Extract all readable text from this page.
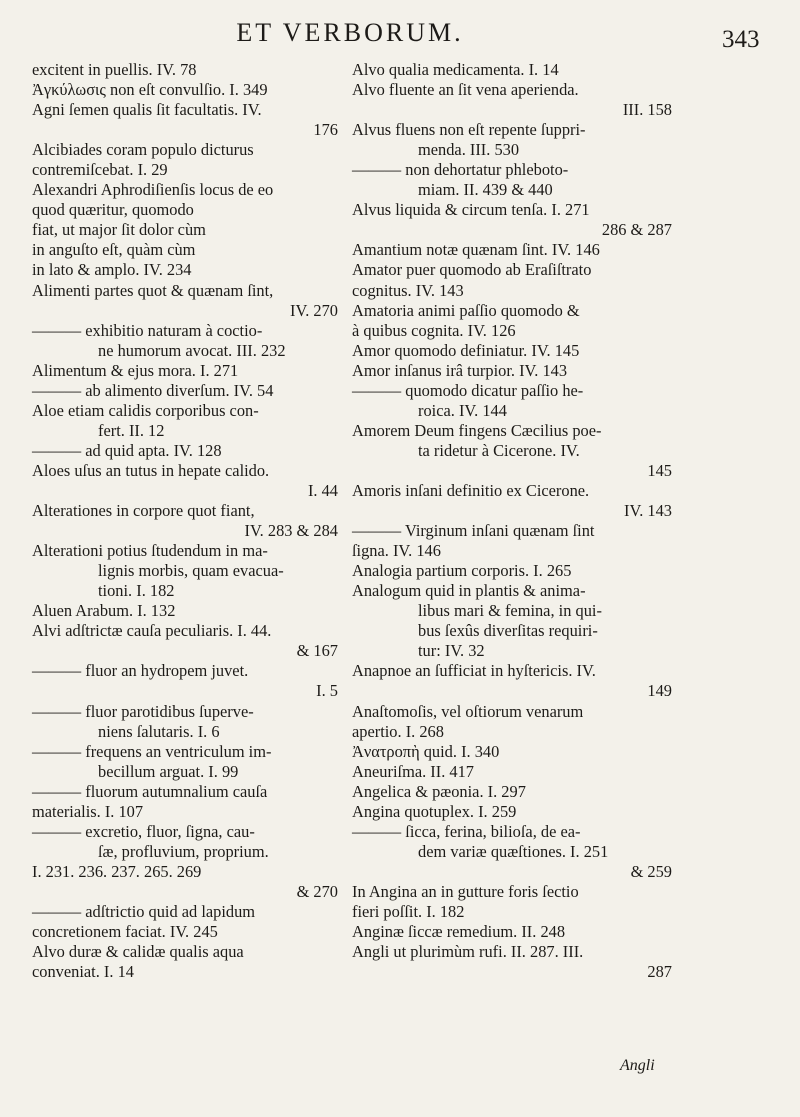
ET VERBORUM.	343
excitent in puellis. IV. 78
Ἀγκύλωσις non eſt convulſio. I. 349
Agni ſemen qualis ſit facultatis. IV.
176
Alcibiades coram populo dicturus
contremiſcebat. I. 29
Alexandri Aphrodiſienſis locus de eo
quod quæritur, quomodo
fiat, ut major ſit dolor cùm
in anguſto eſt, quàm cùm
in lato & amplo. IV. 234
Alimenti partes quot & quænam ſint,
IV. 270
——— exhibitio naturam à coctio-
ne humorum avocat. III. 232
Alimentum & ejus mora. I. 271
——— ab alimento diverſum. IV. 54
Aloe etiam calidis corporibus con-
fert. II. 12
——— ad quid apta. IV. 128
Aloes uſus an tutus in hepate calido.
I. 44
Alterationes in corpore quot fiant,
IV. 283 & 284
Alterationi potius ſtudendum in ma-
lignis morbis, quam evacua-
tioni. I. 182
Aluen Arabum. I. 132
Alvi adſtrictæ cauſa peculiaris. I. 44.
& 167
——— fluor an hydropem juvet.
I. 5
——— fluor parotidibus ſuperve-
niens ſalutaris. I. 6
——— frequens an ventriculum im-
becillum arguat. I. 99
——— fluorum autumnalium cauſa
materialis. I. 107
——— excretio, fluor, ſigna, cau-
ſæ, profluvium, proprium.
I. 231. 236. 237. 265. 269
& 270
——— adſtrictio quid ad lapidum
concretionem faciat. IV. 245
Alvo duræ & calidæ qualis aqua
conveniat. I. 14
Alvo qualia medicamenta. I. 14
Alvo fluente an ſit vena aperienda.
III. 158
Alvus fluens non eſt repente ſuppri-
menda. III. 530
——— non dehortatur phleboto-
miam. II. 439 & 440
Alvus liquida & circum tenſa. I. 271
286 & 287
Amantium notæ quænam ſint. IV. 146
Amator puer quomodo ab Eraſiſtrato
cognitus. IV. 143
Amatoria animi paſſio quomodo &
à quibus cognita. IV. 126
Amor quomodo definiatur. IV. 145
Amor inſanus irâ turpior. IV. 143
——— quomodo dicatur paſſio he-
roica. IV. 144
Amorem Deum fingens Cæcilius poe-
ta ridetur à Cicerone. IV.
145
Amoris inſani definitio ex Cicerone.
IV. 143
——— Virginum inſani quænam ſint
ſigna. IV. 146
Analogia partium corporis. I. 265
Analogum quid in plantis & anima-
libus mari & femina, in qui-
bus ſexûs diverſitas requiri-
tur: IV. 32
Anapnoe an ſufficiat in hyſtericis. IV.
149
Anaſtomoſis, vel oſtiorum venarum
apertio. I. 268
Ἀνατροπὴ quid. I. 340
Aneuriſma. II. 417
Angelica & pæonia. I. 297
Angina quotuplex. I. 259
——— ſicca, ferina, bilioſa, de ea-
dem variæ quæſtiones. I. 251
& 259
In Angina an in gutture foris ſectio
fieri poſſit. I. 182
Anginæ ſiccæ remedium. II. 248
Angli ut plurimùm rufi. II. 287. III.
287
Angli
